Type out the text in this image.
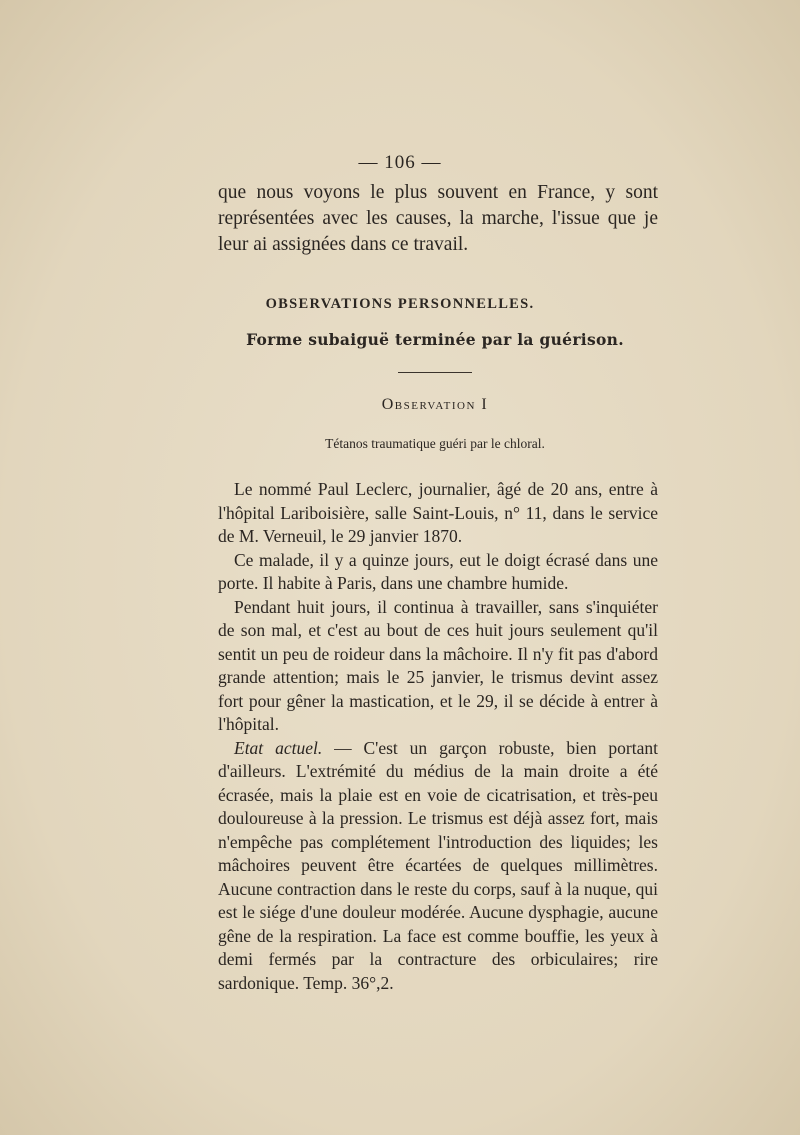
— 106 —

que nous voyons le plus souvent en France, y sont représentées avec les causes, la marche, l'issue que je leur ai assignées dans ce travail.

OBSERVATIONS PERSONNELLES.
Forme subaiguë terminée par la guérison.
Observation I
Tétanos traumatique guéri par le chloral.

Le nommé Paul Leclerc, journalier, âgé de 20 ans, entre à l'hôpital Lariboisière, salle Saint-Louis, n° 11, dans le service de M. Verneuil, le 29 janvier 1870.

Ce malade, il y a quinze jours, eut le doigt écrasé dans une porte. Il habite à Paris, dans une chambre humide.

Pendant huit jours, il continua à travailler, sans s'inquiéter de son mal, et c'est au bout de ces huit jours seulement qu'il sentit un peu de roideur dans la mâchoire. Il n'y fit pas d'abord grande attention; mais le 25 janvier, le trismus devint assez fort pour gêner la mastication, et le 29, il se décide à entrer à l'hôpital.

Etat actuel. — C'est un garçon robuste, bien portant d'ailleurs. L'extrémité du médius de la main droite a été écrasée, mais la plaie est en voie de cicatrisation, et très-peu douloureuse à la pression. Le trismus est déjà assez fort, mais n'empêche pas complétement l'introduction des liquides; les mâchoires peuvent être écartées de quelques millimètres. Aucune contraction dans le reste du corps, sauf à la nuque, qui est le siége d'une douleur modérée. Aucune dysphagie, aucune gêne de la respiration. La face est comme bouffie, les yeux à demi fermés par la contracture des orbiculaires; rire sardonique. Temp. 36°,2.
